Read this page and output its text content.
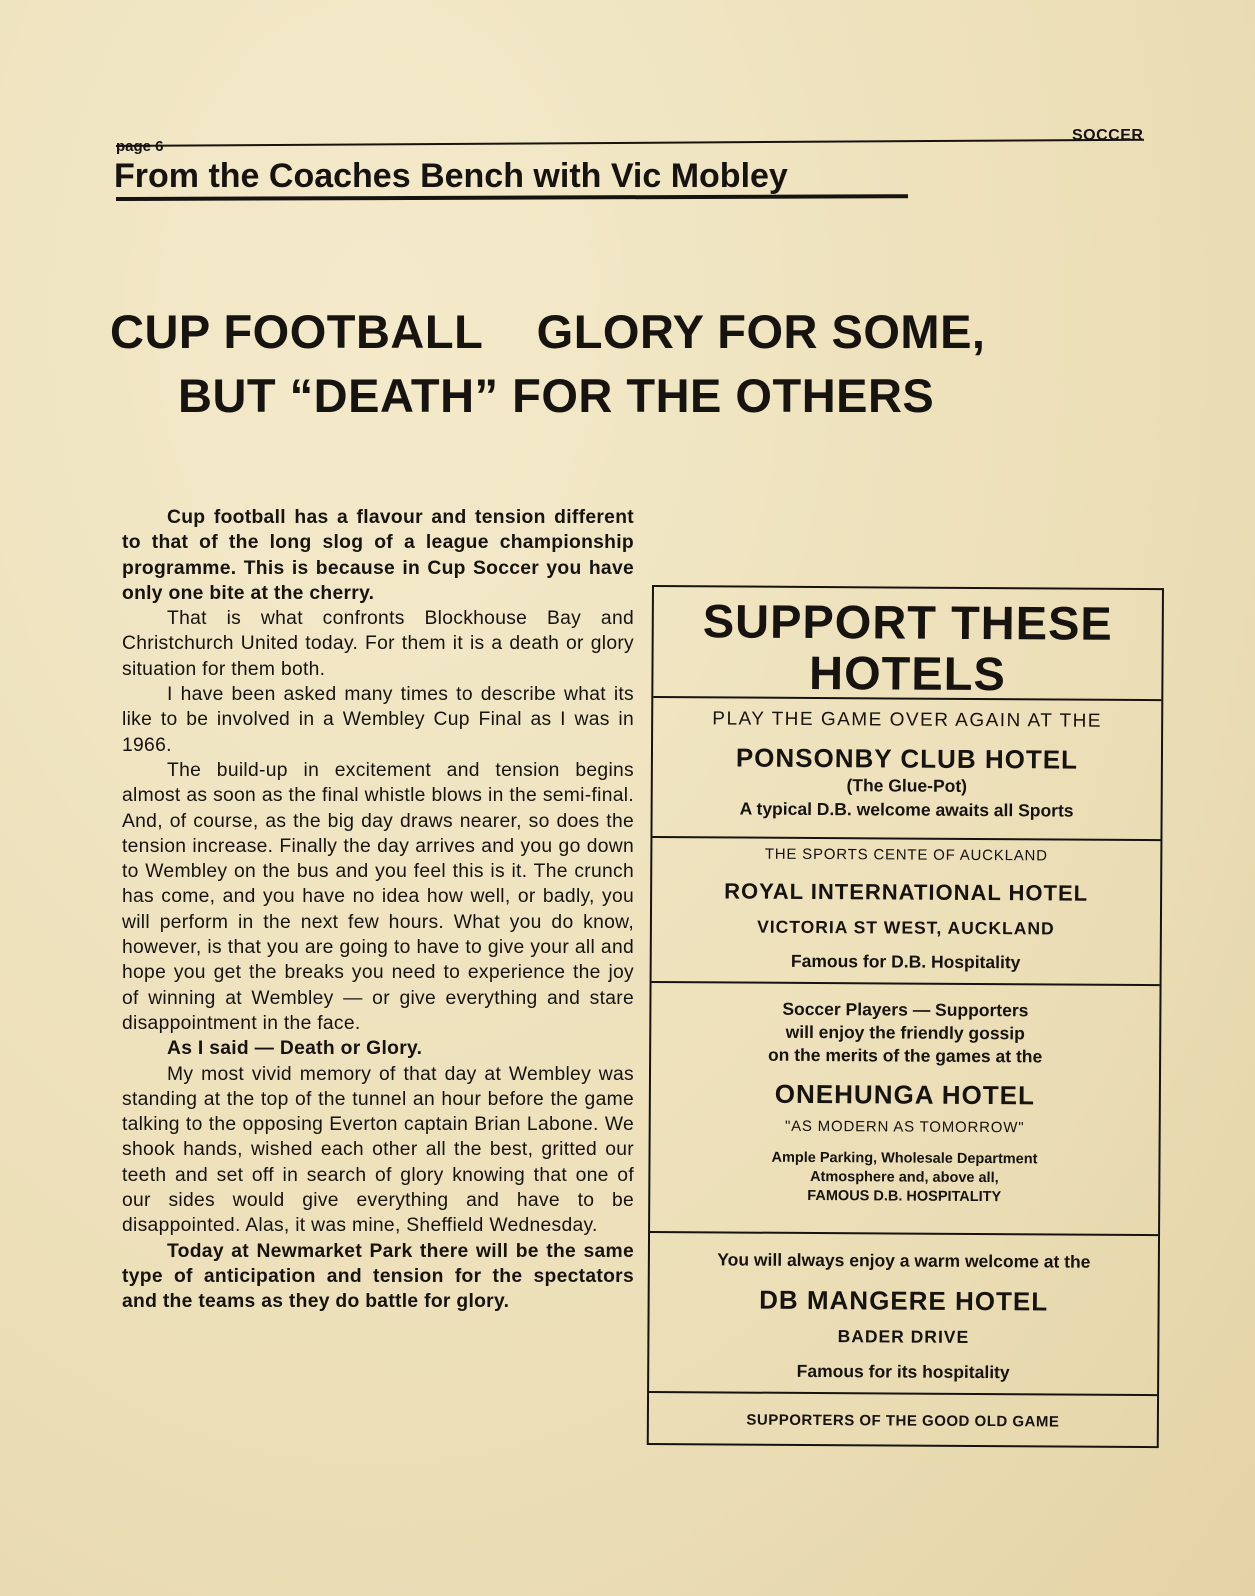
page 6
SOCCER
From the Coaches Bench with Vic Mobley
CUP FOOTBALL    GLORY FOR SOME,
BUT “DEATH” FOR THE OTHERS

Cup football has a flavour and tension different to that of the long slog of a league championship programme. This is because in Cup Soccer you have only one bite at the cherry.

That is what confronts Blockhouse Bay and Christchurch United today. For them it is a death or glory situation for them both.

I have been asked many times to describe what its like to be involved in a Wembley Cup Final as I was in 1966.

The build-up in excitement and tension begins almost as soon as the final whistle blows in the semi-final. And, of course, as the big day draws nearer, so does the tension increase. Finally the day arrives and you go down to Wembley on the bus and you feel this is it. The crunch has come, and you have no idea how well, or badly, you will perform in the next few hours. What you do know, however, is that you are going to have to give your all and hope you get the breaks you need to experience the joy of winning at Wembley — or give everything and stare disappointment in the face.

As I said — Death or Glory.

My most vivid memory of that day at Wembley was standing at the top of the tunnel an hour before the game talking to the opposing Everton captain Brian Labone. We shook hands, wished each other all the best, gritted our teeth and set off in search of glory knowing that one of our sides would give everything and have to be disappointed. Alas, it was mine, Sheffield Wednesday.

Today at Newmarket Park there will be the same type of anticipation and tension for the spectators and the teams as they do battle for glory.

SUPPORT THESE
HOTELS
PLAY THE GAME OVER AGAIN AT THE
PONSONBY CLUB HOTEL
(The Glue-Pot)
A typical D.B. welcome awaits all Sports
THE SPORTS CENTE OF AUCKLAND
ROYAL INTERNATIONAL HOTEL
VICTORIA ST WEST, AUCKLAND
Famous for D.B. Hospitality
Soccer Players — Supporters
will enjoy the friendly gossip
on the merits of the games at the
ONEHUNGA HOTEL
"AS MODERN AS TOMORROW"
Ample Parking, Wholesale Department
Atmosphere and, above all,
FAMOUS D.B. HOSPITALITY
You will always enjoy a warm welcome at the
DB MANGERE HOTEL
BADER DRIVE
Famous for its hospitality
SUPPORTERS OF THE GOOD OLD GAME
